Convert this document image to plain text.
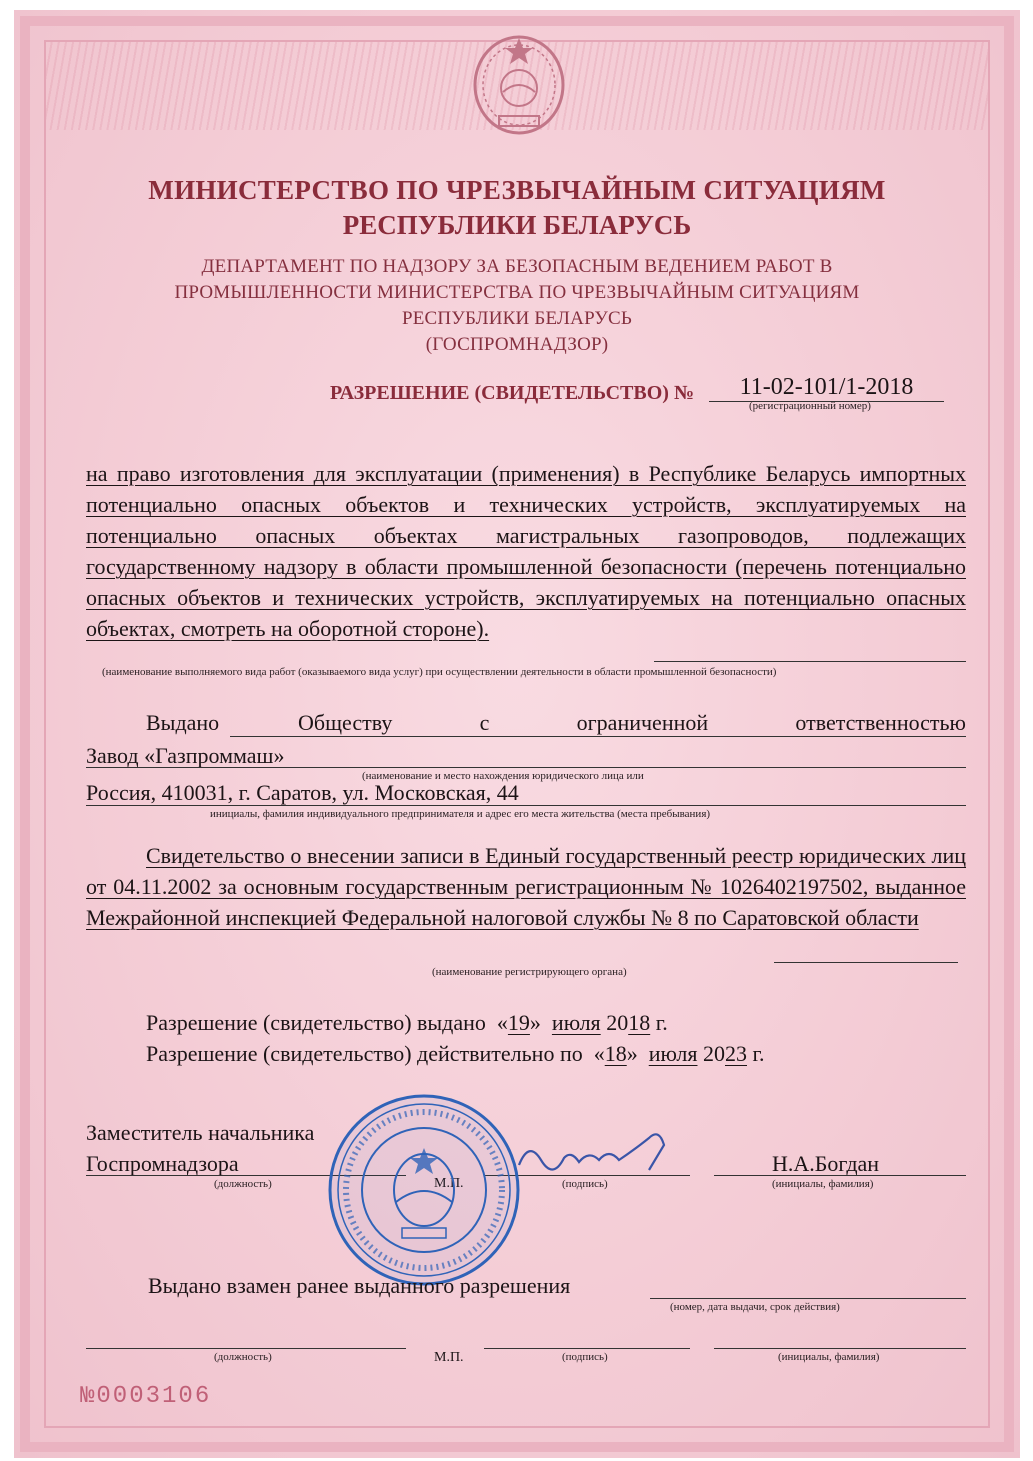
МИНИСТЕРСТВО ПО ЧРЕЗВЫЧАЙНЫМ СИТУАЦИЯМ
РЕСПУБЛИКИ БЕЛАРУСЬ
ДЕПАРТАМЕНТ ПО НАДЗОРУ ЗА БЕЗОПАСНЫМ ВЕДЕНИЕМ РАБОТ В
ПРОМЫШЛЕННОСТИ МИНИСТЕРСТВА ПО ЧРЕЗВЫЧАЙНЫМ СИТУАЦИЯМ
РЕСПУБЛИКИ БЕЛАРУСЬ
(ГОСПРОМНАДЗОР)
РАЗРЕШЕНИЕ (СВИДЕТЕЛЬСТВО) №	11-02-101/1-2018
(регистрационный номер)
на право изготовления для эксплуатации (применения) в Республике Беларусь импортных потенциально опасных объектов и технических устройств, эксплуатируемых на потенциально опасных объектах магистральных газопроводов, подлежащих государственному надзору в области промышленной безопасности (перечень потенциально опасных объектов и технических устройств, эксплуатируемых на потенциально опасных объектах, смотреть на оборотной стороне).
(наименование выполняемого вида работ (оказываемого вида услуг) при осуществлении деятельности в области промышленной безопасности)
Выдано	Обществу с ограниченной ответственностью
Завод «Газпроммаш»
(наименование и место нахождения юридического лица или
Россия, 410031, г. Саратов, ул. Московская, 44
инициалы, фамилия индивидуального предпринимателя и адрес его места жительства (места пребывания)
Свидетельство о внесении записи в Единый государственный реестр юридических лиц от 04.11.2002 за основным государственным регистрационным № 1026402197502, выданное Межрайонной инспекцией Федеральной налоговой службы № 8 по Саратовской области
(наименование регистрирующего органа)
Разрешение (свидетельство) выдано  «19»  июля 2018 г.
Разрешение (свидетельство) действительно по  «18»  июля 2023 г.
Заместитель начальника
Госпромнадзора
(должность)	(подпись)
Н.А.Богдан
(инициалы, фамилия)
Выдано взамен ранее выданного разрешения
(номер, дата выдачи, срок действия)
(должность)	М.П.	(подпись)	(инициалы, фамилия)
№0003106
